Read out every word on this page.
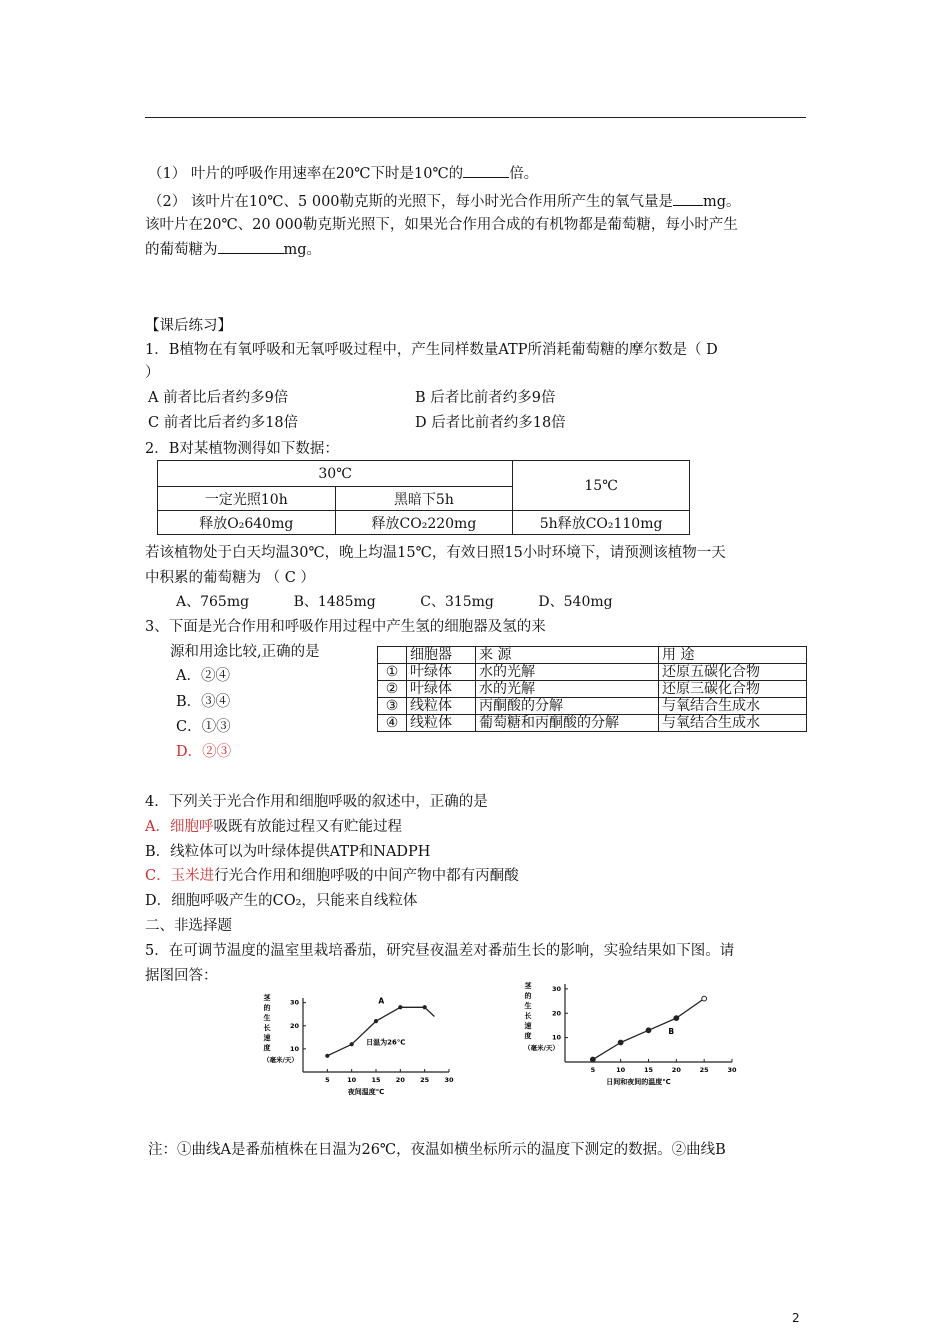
（1） 叶片的呼吸作用速率在20℃下时是10℃的	倍。
（2） 该叶片在10℃、5 000勒克斯的光照下，每小时光合作用所产生的氧气量是 mg。
该叶片在20℃、20 000勒克斯光照下，如果光合作用合成的有机物都是葡萄糖，每小时产生
的葡萄糖为	mg。
【课后练习】
1．B植物在有氧呼吸和无氧呼吸过程中，产生同样数量ATP所消耗葡萄糖的摩尔数是（ D
）
A 前者比后者约多9倍	B 后者比前者约多9倍
C 前者比后者约多18倍	D 后者比前者约多18倍
2．B对某植物测得如下数据：
30℃		15℃
一定光照10h	黑暗下5h	
释放O₂640mg	释放CO₂220mg	5h释放CO₂110mg
若该植物处于白天均温30℃，晚上均温15℃，有效日照15小时环境下，请预测该植物一天
中积累的葡萄糖为 （ C ）
A、765mg          B、1485mg          C、315mg          D、540mg
3、下面是光合作用和呼吸作用过程中产生氢的细胞器及氢的来
源和用途比较,正确的是
A．②④
B．③④
C．①③
D．②③
	细胞器	来 源	用 途
①	叶绿体	水的光解	还原五碳化合物
②	叶绿体	水的光解	还原三碳化合物
③	线粒体	丙酮酸的分解	与氧结合生成水
④	线粒体	葡萄糖和丙酮酸的分解	与氧结合生成水
4．下列关于光合作用和细胞呼吸的叙述中，正确的是
A．细胞呼吸既有放能过程又有贮能过程
B．线粒体可以为叶绿体提供ATP和NADPH
C．玉米进行光合作用和细胞呼吸的中间产物中都有丙酮酸
D．细胞呼吸产生的CO₂，只能来自线粒体
二、非选择题
5．在可调节温度的温室里栽培番茄，研究昼夜温差对番茄生长的影响，实验结果如下图。请
据图回答：
5	10 15 20 25 30
10
20
30
茎
的
生
长
速
度
（毫米/天）
夜间温度℃
A
日温为26℃
5	10	15	20	25	30
10
20
30
茎
的
生
长
速
度
（毫米/天）
日间和夜间的温度℃
B
注：①曲线A是番茄植株在日温为26℃，夜温如横坐标所示的温度下测定的数据。②曲线B
2
